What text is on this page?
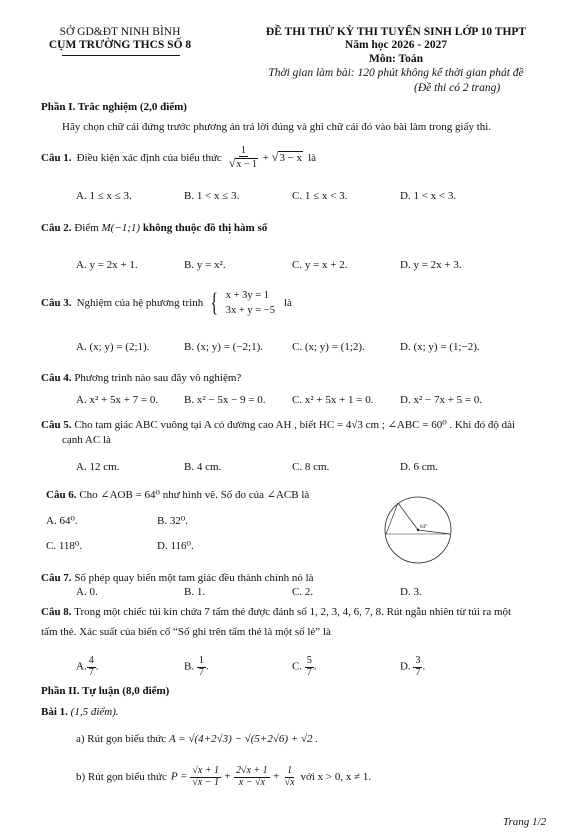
SỞ GD&ĐT NINH BÌNH
CỤM TRƯỜNG THCS SỐ 8
ĐỀ THI THỬ KỲ THI TUYỂN SINH LỚP 10 THPT
Năm học 2026 - 2027
Môn: Toán
Thời gian làm bài: 120 phút không kể thời gian phát đề
(Đề thi có 2 trang)
Phần I. Trắc nghiệm (2,0 điểm)
Hãy chọn chữ cái đứng trước phương án trả lời đúng và ghi chữ cái đó vào bài làm trong giấy thi.
Câu 1. Điều kiện xác định của biểu thức $\frac{1}{√x - 1} + √3 - x$ là
A. 1 ≤ x ≤ 3.	B. 1 < x ≤ 3.	C. 1 ≤ x < 3.	D. 1 < x < 3.
Câu 2. Điểm M(−1;1) không thuộc đồ thị hàm số
A. y = 2x + 1.	B. y = x².	C. y = x + 2.	D. y = 2x + 3.
Câu 3. Nghiệm của hệ phương trình { x + 3y = 1
3x + y = −5
là
A. (x; y) = (2;1).	B. (x; y) = (−2;1).	C. (x; y) = (1;2).	D. (x; y) = (1;−2).
Câu 4. Phương trình nào sau đây vô nghiệm?
A. x² + 5x + 7 = 0. B. x² − 5x − 9 = 0. C. x² + 5x + 1 = 0. D. x² − 7x + 5 = 0.
Câu 5. Cho tam giác ABC vuông tại A có đường cao AH , biết HC = 4√3 cm ; ∠ABC = 60⁰ . Khi đó độ dài
cạnh AC là
A. 12 cm.	B. 4 cm.	C. 8 cm.	D. 6 cm.
Câu 6. Cho ∠AOB = 64⁰ như hình vẽ. Số đo của ∠ACB là
A. 64⁰.	B. 32⁰.
C. 118⁰.	D. 116⁰.
64°
Câu 7. Số phép quay biến một tam giác đều thành chính nó là
A. 0.	B. 1.	C. 2.	D. 3.
Câu 8. Trong một chiếc túi kín chứa 7 tấm thẻ được đánh số 1, 2, 3, 4, 6, 7, 8. Rút ngẫu nhiên từ túi ra một
tấm thẻ. Xác suất của biến cố “Số ghi trên tấm thẻ là một số lẻ” là
A. $\frac{4}{7}$ .	B. $\frac{1}{7}$ .	C. $\frac{5}{7}$ .	D. $\frac{3}{7}$ .
Phần II. Tự luận (8,0 điểm)
Bài 1. (1,5 điểm).
a) Rút gọn biểu thức A = √(4+2√3) − √(5+2√6) + √2 .
b) Rút gọn biểu thức $P = \frac{√x + 1}{√x - 1} + \frac{2√x + 1}{x - √x} + \frac{1}{√x}$ với x > 0, x ≠ 1.
Trang 1/2
